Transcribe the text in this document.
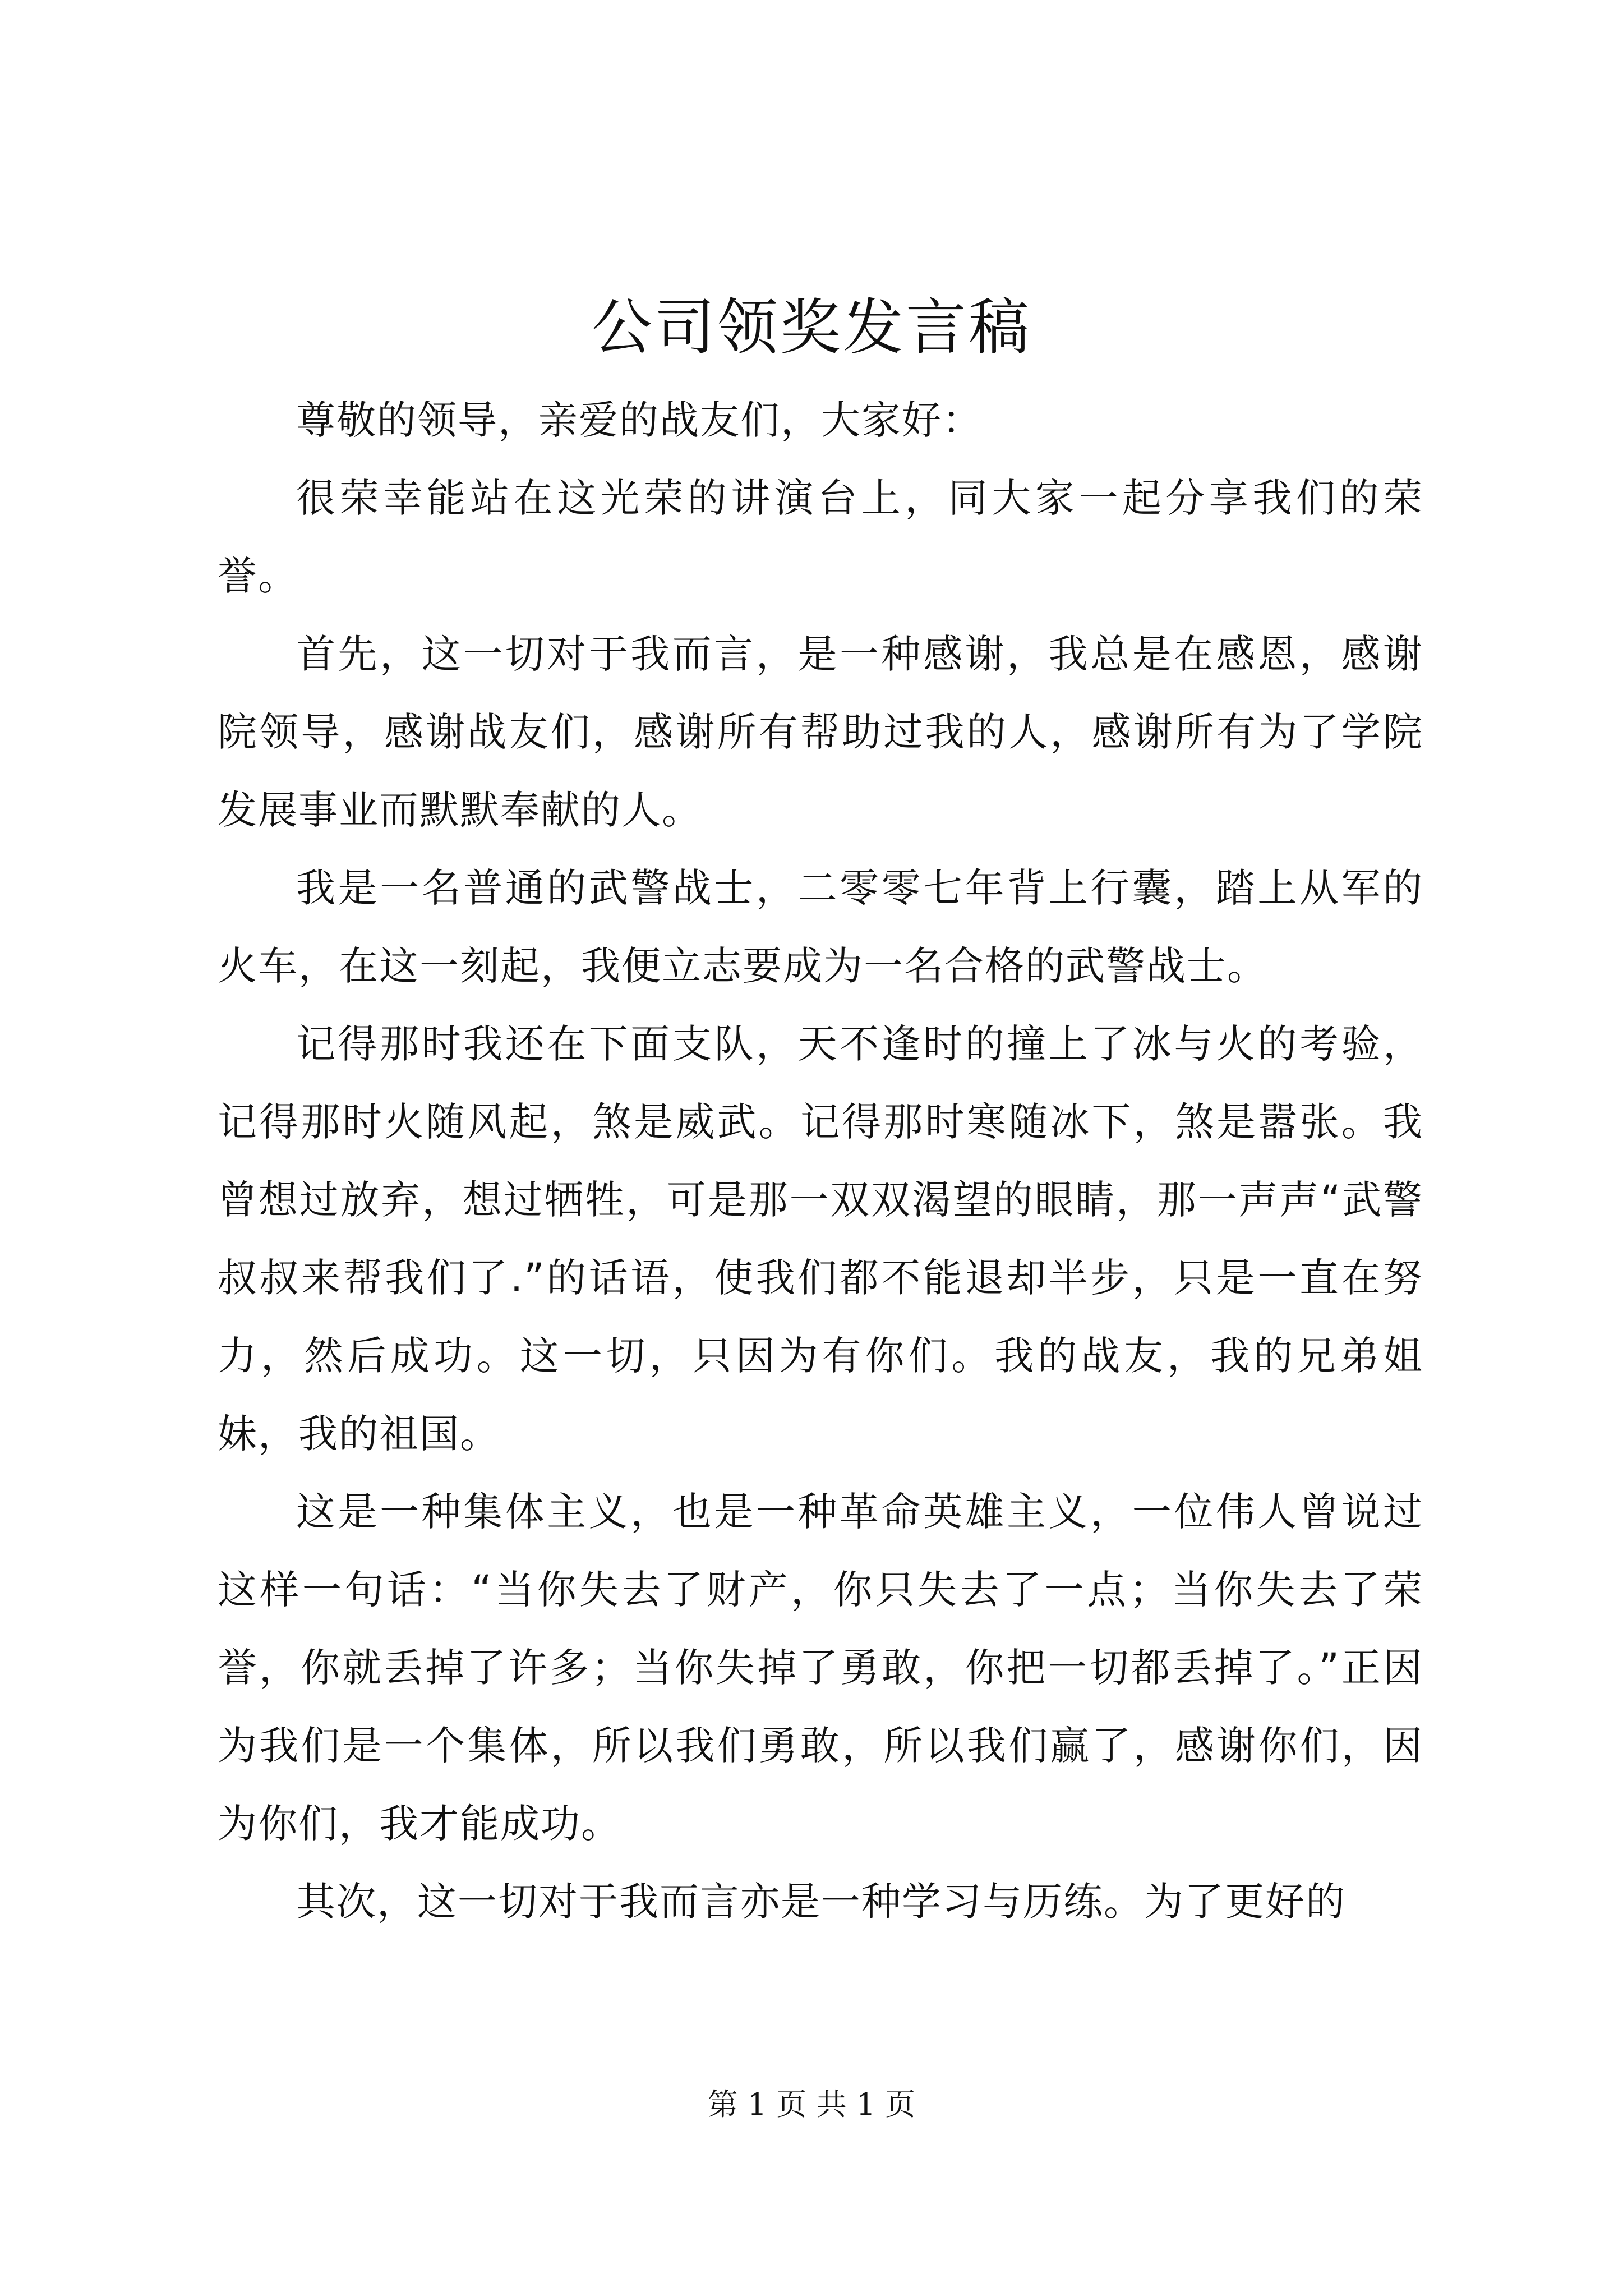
公司领奖发言稿

尊敬的领导，亲爱的战友们，大家好：

很荣幸能站在这光荣的讲演台上，同大家一起分享我们的荣誉。

首先，这一切对于我而言，是一种感谢，我总是在感恩，感谢院领导，感谢战友们，感谢所有帮助过我的人，感谢所有为了学院发展事业而默默奉献的人。

我是一名普通的武警战士，二零零七年背上行囊，踏上从军的火车，在这一刻起，我便立志要成为一名合格的武警战士。

记得那时我还在下面支队，天不逢时的撞上了冰与火的考验，记得那时火随风起，煞是威武。记得那时寒随冰下，煞是嚣张。我曾想过放弃，想过牺牲，可是那一双双渴望的眼睛，那一声声“武警叔叔来帮我们了.”的话语，使我们都不能退却半步，只是一直在努力，然后成功。这一切，只因为有你们。我的战友，我的兄弟姐妹，我的祖国。

这是一种集体主义，也是一种革命英雄主义，一位伟人曾说过这样一句话：“当你失去了财产，你只失去了一点；当你失去了荣誉，你就丢掉了许多；当你失掉了勇敢，你把一切都丢掉了。”正因为我们是一个集体，所以我们勇敢，所以我们赢了，感谢你们，因为你们，我才能成功。

其次，这一切对于我而言亦是一种学习与历练。为了更好的

第 1 页 共 1 页
